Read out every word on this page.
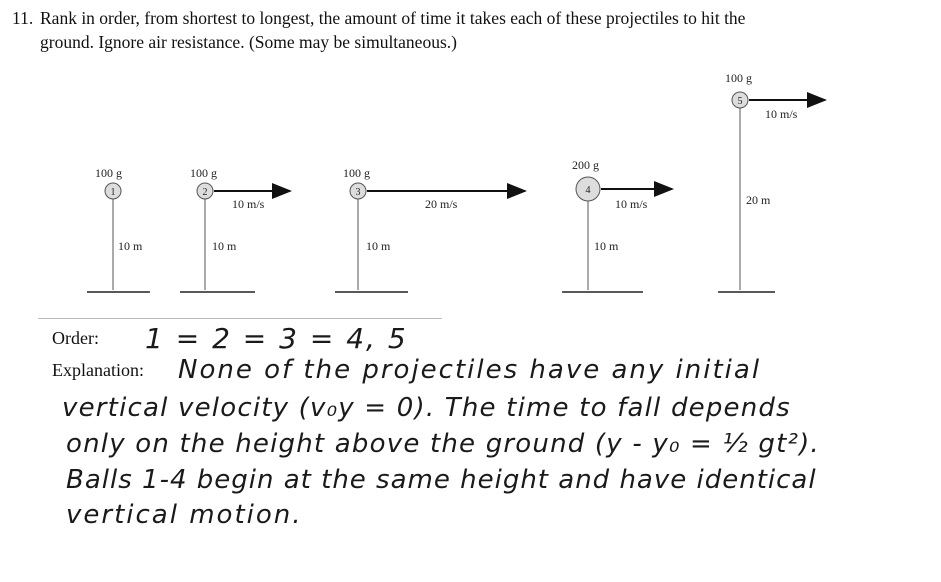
11. Rank in order, from shortest to longest, the amount of time it takes each of these projectiles to hit the
ground. Ignore air resistance. (Some may be simultaneous.)

100 g
1
10 m
100 g
2
10 m/s
10 m
100 g
3
20 m/s
10 m
200 g
4
10 m/s
10 m
100 g
5
10 m/s
20 m
Order: 1 = 2 = 3 = 4, 5
Explanation: None of the projectiles have any initial
vertical velocity (v₀y = 0). The time to fall depends
only on the height above the ground (y - y₀ = ½ gt²).
Balls 1-4 begin at the same height and have identical
vertical motion.
